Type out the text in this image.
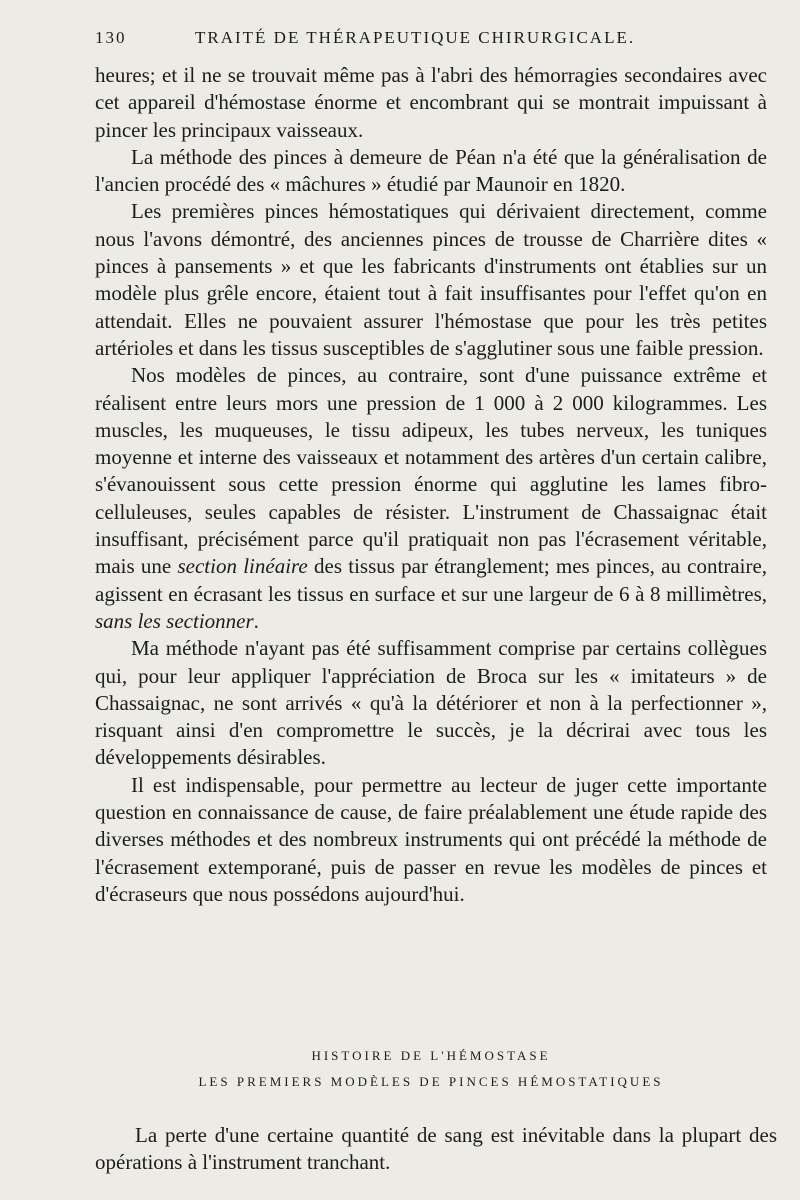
130	TRAITÉ DE THÉRAPEUTIQUE CHIRURGICALE.

heures; et il ne se trouvait même pas à l'abri des hémorragies secondaires avec cet appareil d'hémostase énorme et encombrant qui se montrait impuissant à pincer les principaux vaisseaux.

La méthode des pinces à demeure de Péan n'a été que la généralisation de l'ancien procédé des « mâchures » étudié par Maunoir en 1820.

Les premières pinces hémostatiques qui dérivaient directement, comme nous l'avons démontré, des anciennes pinces de trousse de Charrière dites « pinces à pansements » et que les fabricants d'instruments ont établies sur un modèle plus grêle encore, étaient tout à fait insuffisantes pour l'effet qu'on en attendait. Elles ne pouvaient assurer l'hémostase que pour les très petites artérioles et dans les tissus susceptibles de s'agglutiner sous une faible pression.

Nos modèles de pinces, au contraire, sont d'une puissance extrême et réalisent entre leurs mors une pression de 1 000 à 2 000 kilogrammes. Les muscles, les muqueuses, le tissu adipeux, les tubes nerveux, les tuniques moyenne et interne des vaisseaux et notamment des artères d'un certain calibre, s'évanouissent sous cette pression énorme qui agglutine les lames fibro-celluleuses, seules capables de résister. L'instrument de Chassaignac était insuffisant, précisément parce qu'il pratiquait non pas l'écrasement véritable, mais une section linéaire des tissus par étranglement; mes pinces, au contraire, agissent en écrasant les tissus en surface et sur une largeur de 6 à 8 millimètres, sans les sectionner.

Ma méthode n'ayant pas été suffisamment comprise par certains collègues qui, pour leur appliquer l'appréciation de Broca sur les « imitateurs » de Chassaignac, ne sont arrivés « qu'à la détériorer et non à la perfectionner », risquant ainsi d'en compromettre le succès, je la décrirai avec tous les développements désirables.

Il est indispensable, pour permettre au lecteur de juger cette importante question en connaissance de cause, de faire préalablement une étude rapide des diverses méthodes et des nombreux instruments qui ont précédé la méthode de l'écrasement extemporané, puis de passer en revue les modèles de pinces et d'écraseurs que nous possédons aujourd'hui.

HISTOIRE DE L'HÉMOSTASE
LES PREMIERS MODÈLES DE PINCES HÉMOSTATIQUES

La perte d'une certaine quantité de sang est inévitable dans la plupart des opérations à l'instrument tranchant.
